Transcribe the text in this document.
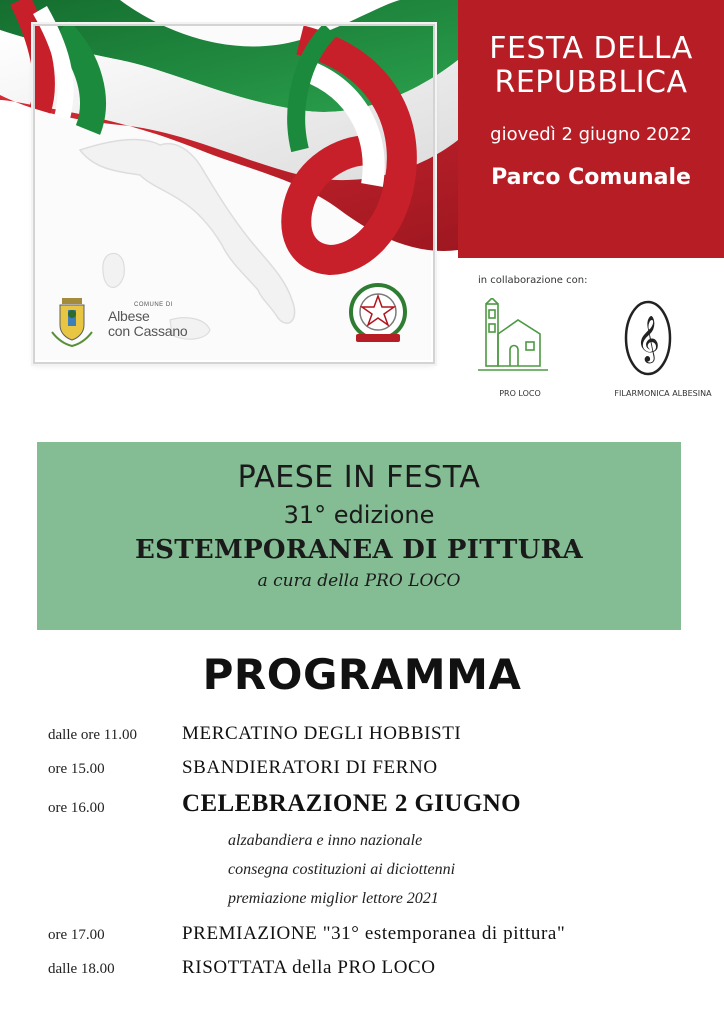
COMUNE DI
Albese
con Cassano
FESTA DELLA
REPUBBLICA
giovedì 2 giugno 2022
Parco Comunale
in collaborazione con:
PRO LOCO
𝄞
FILARMONICA ALBESINA
PAESE IN FESTA
31° edizione
ESTEMPORANEA DI PITTURA
a cura della PRO LOCO
PROGRAMMA
dalle ore 11.00 MERCATINO DEGLI HOBBISTI
ore 15.00	SBANDIERATORI DI FERNO
ore 16.00	CELEBRAZIONE 2 GIUGNO
alzabandiera e inno nazionale
consegna costituzioni ai diciottenni
premiazione miglior lettore 2021
ore 17.00	PREMIAZIONE "31° estemporanea di pittura"
dalle 18.00	RISOTTATA della PRO LOCO
